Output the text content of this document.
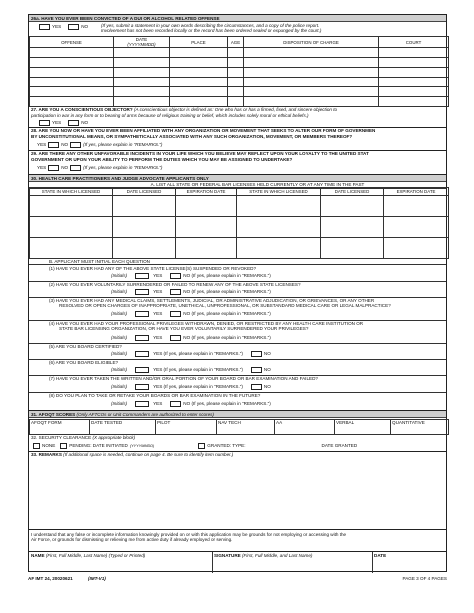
26a. HAVE YOU EVER BEEN CONVICTED OF A DUI OR ALCOHOL RELATED OFFENSE
YES	NO	(If yes, submit a statement in your own words describing the circumstances, and a copy of the police report.
Involvement has not been recorded locally or the record has been ordered sealed or expunged by the court.)
OFFENSE	DATE
(YYYYMMDD)	PLACE	AGE	DISPOSITION OF CHARGE	COURT

27. ARE YOU A CONSCIENTIOUS OBJECTOR? (A conscientious objector is defined as: One who has or has a firmed, fixed, and sincere objection to
participation in war in any form or to bearing of arms because of religious training or belief, which includes solely moral or ethical beliefs.)
YES	NO
28. ARE YOU NOW OR HAVE YOU EVER BEEN AFFILIATED WITH ANY ORGANIZATION OR MOVEMENT THAT SEEKS TO ALTER OUR FORM OF GOVERNMEN
BY UNCONSTITUTIONAL MEANS, OR SYMPATHETICALLY ASSOCIATED WITH ANY SUCH ORGANIZATION, MOVEMENT, OR MEMBERS THEREOF?
YES	NO	(If yes, please explain in "REMARKS.")
29. ARE THERE ANY OTHER UNFAVORABLE INCIDENTS IN YOUR LIFE WHICH YOU BELIEVE MAY REFLECT UPON YOUR LOYALTY TO THE UNITED STAT
GOVERNMENT OR UPON YOUR ABILITY TO PERFORM THE DUTIES WHICH YOU MAY BE ASSIGNED TO UNDERTAKE?
YES	NO	(If yes, please explain in "REMARKS.")
30. HEALTH CARE PRACTITIONERS AND JUDGE ADVOCATE APPLICANTS ONLY
A. LIST ALL STATE OR FEDERAL BAR LICENSES HELD CURRENTLY OR AT ANY TIME IN THE PAST
STATE IN WHICH LICENSED	DATE LICENSED	EXPIRATION DATE	STATE IN WHICH LICENSED	DATE LICENSED	EXPIRATION DATE

B. APPLICANT MUST INITIAL EACH QUESTION
(1) HAVE YOU EVER HAD ANY OF THE ABOVE STATE LICENSE(S) SUSPENDED OR REVOKED?
(Initials)	YES	NO (If yes, please explain in "REMARKS.")
(2) HAVE YOU EVER VOLUNTARILY SURRENDERED OR FAILED TO RENEW ANY OF THE ABOVE STATE LICENSES?
(Initials)	YES	NO (If yes, please explain in "REMARKS.")
(3) HAVE YOU EVER HAD ANY MEDICAL CLAIMS, SETTLEMENTS, JUDICIAL, OR ADMINISTRATIVE ADJUDICATION, OR GRIEVANCES, OR ANY OTHER
RESOLVED OR OPEN CHARGES OF INAPPROPRIATE, UNETHICAL, UNPROFESSIONAL, OR SUBSTANDARD MEDICAL CARE OR LEGAL MALPRACTICE?
(Initials)	YES	NO (If yes, please explain in "REMARKS.")
(4) HAVE YOU EVER HAD YOUR PROFESSIONAL PRIVILEGES WITHDRAWN, DENIED, OR RESTRICTED BY ANY HEALTH CARE INSTITUTION OR
STATE BAR LICENSING ORGANIZATION, OR HAVE YOU EVER VOLUNTARILY SURRENDERED YOUR PRIVILEGES?
(Initials)	YES	NO (If yes, please explain in "REMARKS.")
(5) ARE YOU BOARD CERTIFIED?
(Initials)	YES (If yes, please explain in "REMARKS.")	NO
(6) ARE YOU BOARD ELIGIBLE?
(Initials)	YES (If yes, please explain in "REMARKS.")	NO
(7) HAVE YOU EVER TAKEN THE WRITTEN AND/OR ORAL PORTION OF YOUR BOARD OR BAR EXAMINATION AND FAILED?
(Initials)	YES (If yes, please explain in "REMARKS.")	NO
(8) DO YOU PLAN TO TAKE OR RETAKE YOUR BOARDS OR BAR EXAMINATION IN THE FUTURE?
(Initials)	YES	NO (If yes, please explain in "REMARKS.")
31. AFOQT SCORES (Only AFTCOs or Unit Commanders are authorized to enter scores)
AFOQT FORM	DATE TESTED	PILOT	NAV TECH	AA	VERBAL	QUANTITATIVE
32. SECURITY CLEARANCE (X appropriate block)
NONE	PENDING: DATE INITIATED (YYYYMMDD)	GRANTED: TYPE:	DATE GRANTED
33. REMARKS (If additional space is needed, continue on page 4. Be sure to identify item number.)
I understand that any false or incomplete information knowingly provided on or with this application may be grounds for not employing or accessing with the
Air Force, or grounds for dismissing or relieving me from active duty if already employed or serving.
NAME (First, Full Middle, Last Name) (Typed or Printed)	SIGNATURE (First, Full Middle, and Last Name)	DATE
AF IMT 24, 20020621	(IMT-V1)	PAGE 3 OF 4 PAGES
